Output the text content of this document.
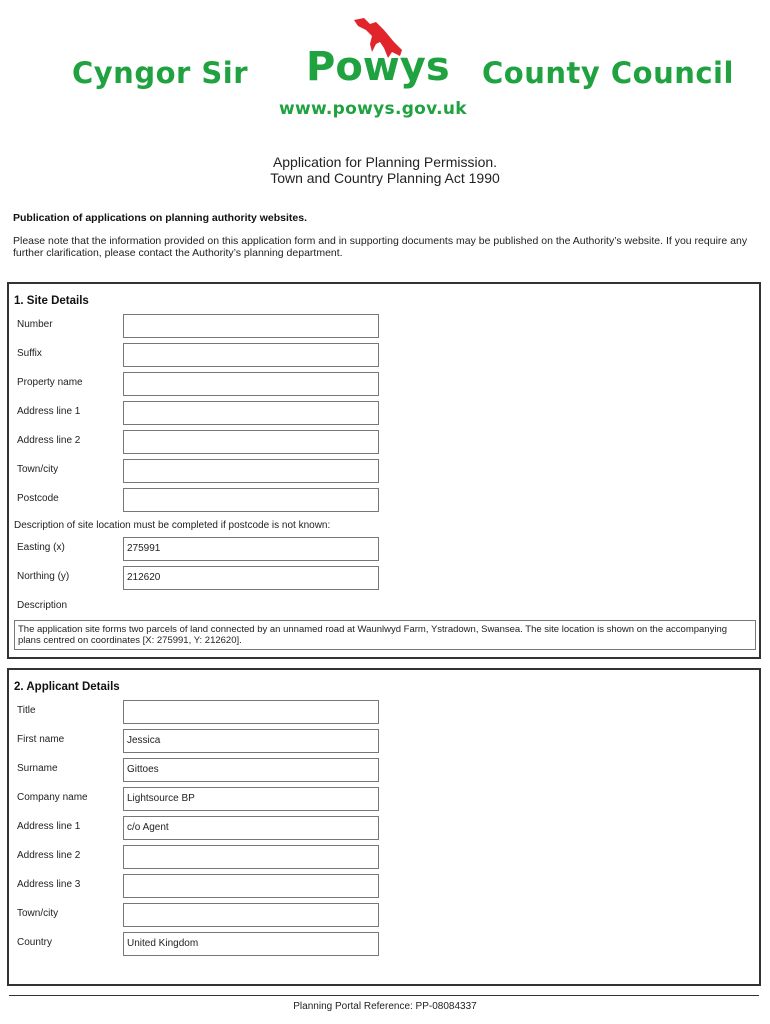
Cyngor Sir Powys County Council
www.powys.gov.uk
Application for Planning Permission.
Town and Country Planning Act 1990
Publication of applications on planning authority websites.
Please note that the information provided on this application form and in supporting documents may be published on the Authority’s website. If you require any further clarification, please contact the Authority’s planning department.
1. Site Details
Number
Suffix
Property name
Address line 1
Address line 2
Town/city
Postcode
Description of site location must be completed if postcode is not known:
Easting (x)	275991
Northing (y)	212620
Description
The application site forms two parcels of land connected by an unnamed road at Waunlwyd Farm, Ystradown, Swansea. The site location is shown on the accompanying plans centred on coordinates [X: 275991, Y: 212620].
2. Applicant Details
Title
First name	Jessica
Surname	Gittoes
Company name	Lightsource BP
Address line 1	c/o Agent
Address line 2
Address line 3
Town/city
Country	United Kingdom
Planning Portal Reference: PP-08084337
